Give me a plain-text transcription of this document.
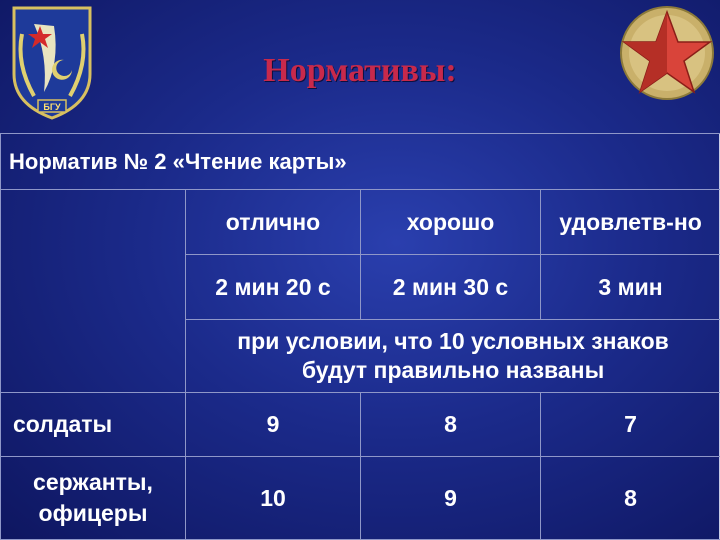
БГУ
Нормативы:
Норматив № 2 «Чтение карты»			
	отлично	хорошо	удовлетв-но
	2 мин 20 с	2 мин 30 с	3 мин
	при условии, что 10 условных знаков будут правильно названы		
солдаты	9	8	7
сержанты, офицеры	10	9	8
